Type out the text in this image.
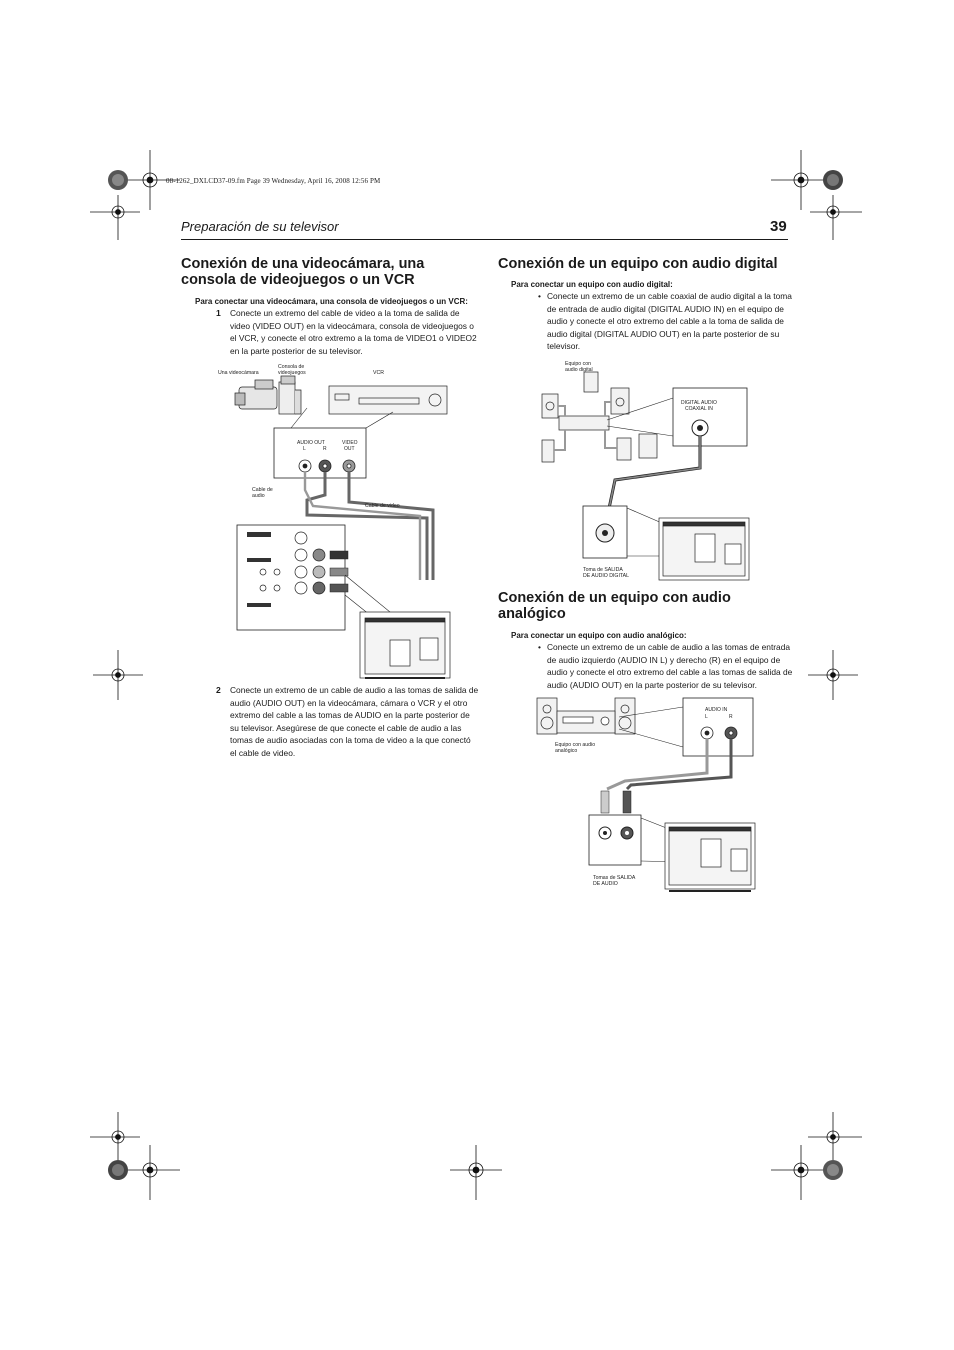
08-1262_DXLCD37-09.fm Page 39 Wednesday, April 16, 2008 12:56 PM
Preparación de su televisor	39
Conexión de una videocámara, una
consola de videojuegos o un VCR
Para conectar una videocámara, una consola de videojuegos o un VCR:
1 Conecte un extremo del cable de video a la toma de salida de
video (VIDEO OUT) en la videocámara, consola de videojuegos o
el VCR, y conecte el otro extremo a la toma de VIDEO1 o VIDEO2
en la parte posterior de su televisor.
AUDIO OUT
L	R
VIDEO
OUT
Cable de
audio
Cable de video
Una videocámara
Consola de
videojuegos	VCR
2 Conecte un extremo de un cable de audio a las tomas de salida de
audio (AUDIO OUT) en la videocámara, cámara o VCR y el otro
extremo del cable a las tomas de AUDIO en la parte posterior de
su televisor. Asegúrese de que conecte el cable de audio a las
tomas de audio asociadas con la toma de video a la que conectó
el cable de video.
Conexión de un equipo con audio digital
Para conectar un equipo con audio digital:
• Conecte un extremo de un cable coaxial de audio digital a la toma
de entrada de audio digital (DIGITAL AUDIO IN) en el equipo de
audio y conecte el otro extremo del cable a la toma de salida de
audio digital (DIGITAL AUDIO OUT) en la parte posterior de su
televisor.
DIGITAL AUDIO
COAXIAL IN
Equipo con
audio digital
Toma de SALIDA
DE AUDIO DIGITAL
Conexión de un equipo con audio
analógico
Para conectar un equipo con audio analógico:
• Conecte un extremo de un cable de audio a las tomas de entrada
de audio izquierdo (AUDIO IN L) y derecho (R) en el equipo de
audio y conecte el otro extremo del cable a las tomas de salida de
audio (AUDIO OUT) en la parte posterior de su televisor.
AUDIO IN
L	R
Equipo con audio
analógico
Tomas de SALIDA
DE AUDIO
